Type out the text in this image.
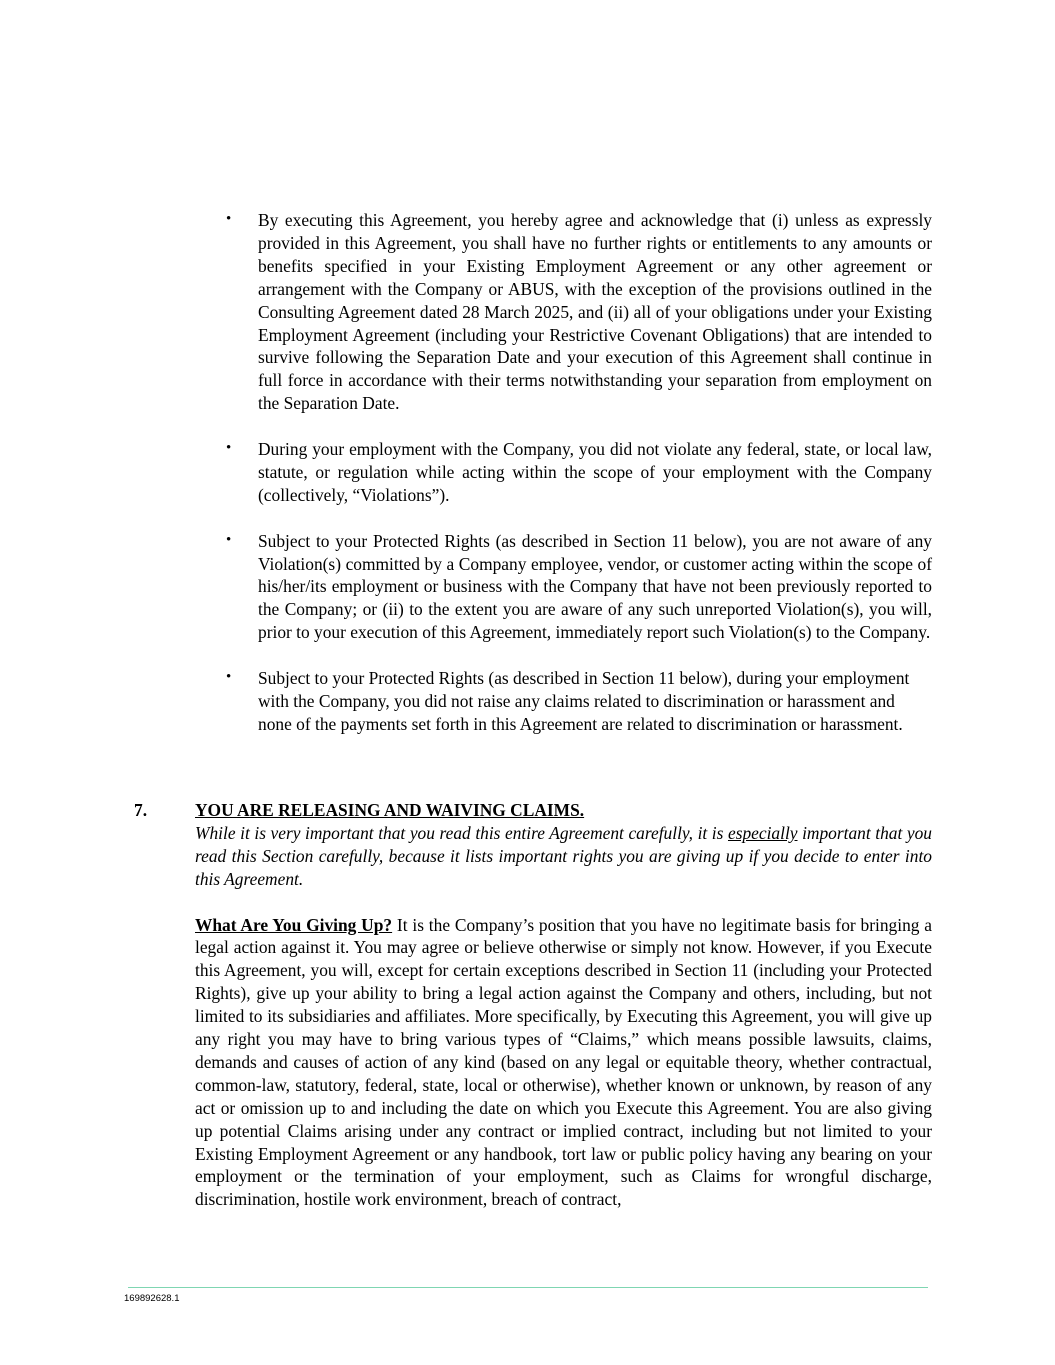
• By executing this Agreement, you hereby agree and acknowledge that (i) unless as expressly provided in this Agreement, you shall have no further rights or entitlements to any amounts or benefits specified in your Existing Employment Agreement or any other agreement or arrangement with the Company or ABUS, with the exception of the provisions outlined in the Consulting Agreement dated 28 March 2025, and (ii) all of your obligations under your Existing Employment Agreement (including your Restrictive Covenant Obligations) that are intended to survive following the Separation Date and your execution of this Agreement shall continue in full force in accordance with their terms notwithstanding your separation from employment on the Separation Date.
• During your employment with the Company, you did not violate any federal, state, or local law, statute, or regulation while acting within the scope of your employment with the Company (collectively, “Violations”).
• Subject to your Protected Rights (as described in Section 11 below), you are not aware of any Violation(s) committed by a Company employee, vendor, or customer acting within the scope of his/her/its employment or business with the Company that have not been previously reported to the Company; or (ii) to the extent you are aware of any such unreported Violation(s), you will, prior to your execution of this Agreement, immediately report such Violation(s) to the Company.
• Subject to your Protected Rights (as described in Section 11 below), during your employment with the Company, you did not raise any claims related to discrimination or harassment and none of the payments set forth in this Agreement are related to discrimination or harassment.
7.	YOU ARE RELEASING AND WAIVING CLAIMS.
While it is very important that you read this entire Agreement carefully, it is especially important that you read this Section carefully, because it lists important rights you are giving up if you decide to enter into this Agreement.
What Are You Giving Up? It is the Company’s position that you have no legitimate basis for bringing a legal action against it. You may agree or believe otherwise or simply not know. However, if you Execute this Agreement, you will, except for certain exceptions described in Section 11 (including your Protected Rights), give up your ability to bring a legal action against the Company and others, including, but not limited to its subsidiaries and affiliates. More specifically, by Executing this Agreement, you will give up any right you may have to bring various types of “Claims,” which means possible lawsuits, claims, demands and causes of action of any kind (based on any legal or equitable theory, whether contractual, common-law, statutory, federal, state, local or otherwise), whether known or unknown, by reason of any act or omission up to and including the date on which you Execute this Agreement. You are also giving up potential Claims arising under any contract or implied contract, including but not limited to your Existing Employment Agreement or any handbook, tort law or public policy having any bearing on your employment or the termination of your employment, such as Claims for wrongful discharge, discrimination, hostile work environment, breach of contract,
169892628.1
